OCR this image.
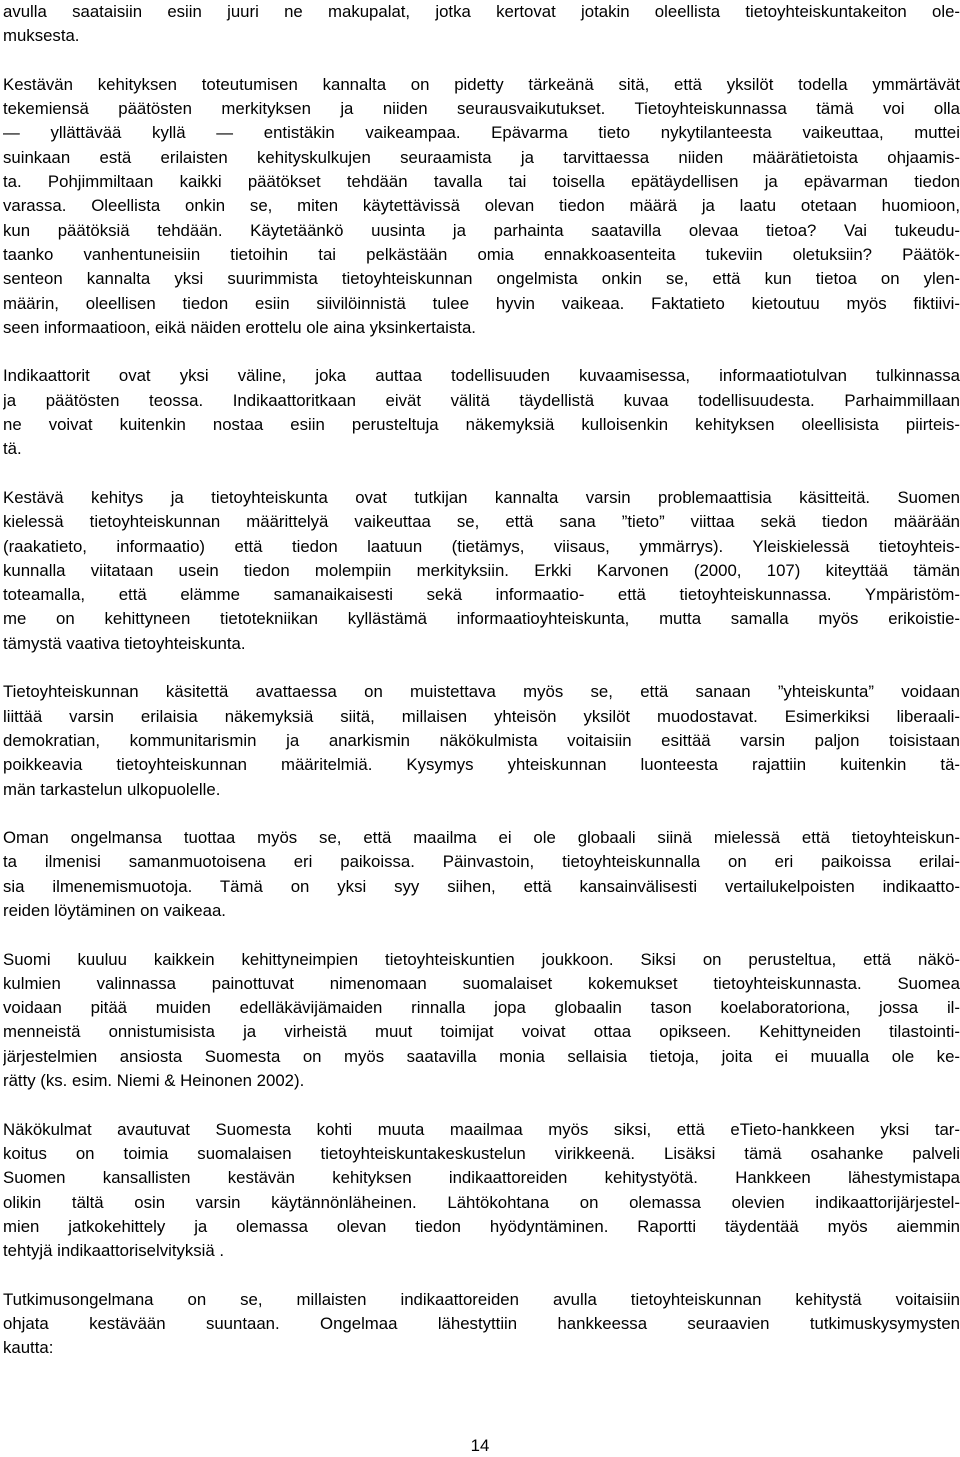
avulla saataisiin esiin juuri ne makupalat, jotka kertovat jotakin oleellista tietoyhteiskuntakeiton ole-
muksesta.
Kestävän kehityksen toteutumisen kannalta on pidetty tärkeänä sitä, että yksilöt todella ymmärtävät
tekemiensä päätösten merkityksen ja niiden seurausvaikutukset. Tietoyhteiskunnassa tämä voi olla
— yllättävää kyllä — entistäkin vaikeampaa. Epävarma tieto nykytilanteesta vaikeuttaa, muttei
suinkaan estä erilaisten kehityskulkujen seuraamista ja tarvittaessa niiden määrätietoista ohjaamis-
ta. Pohjimmiltaan kaikki päätökset tehdään tavalla tai toisella epätäydellisen ja epävarman tiedon
varassa. Oleellista onkin se, miten käytettävissä olevan tiedon määrä ja laatu otetaan huomioon,
kun päätöksiä tehdään. Käytetäänkö uusinta ja parhainta saatavilla olevaa tietoa? Vai tukeudu-
taanko vanhentuneisiin tietoihin tai pelkästään omia ennakkoasenteita tukeviin oletuksiin? Päätök-
senteon kannalta yksi suurimmista tietoyhteiskunnan ongelmista onkin se, että kun tietoa on ylen-
määrin, oleellisen tiedon esiin siivilöinnistä tulee hyvin vaikeaa. Faktatieto kietoutuu myös fiktiivi-
seen informaatioon, eikä näiden erottelu ole aina yksinkertaista.
Indikaattorit ovat yksi väline, joka auttaa todellisuuden kuvaamisessa, informaatiotulvan tulkinnassa
ja päätösten teossa. Indikaattoritkaan eivät välitä täydellistä kuvaa todellisuudesta. Parhaimmillaan
ne voivat kuitenkin nostaa esiin perusteltuja näkemyksiä kulloisenkin kehityksen oleellisista piirteis-
tä.
Kestävä kehitys ja tietoyhteiskunta ovat tutkijan kannalta varsin problemaattisia käsitteitä. Suomen
kielessä tietoyhteiskunnan määrittelyä vaikeuttaa se, että sana ”tieto” viittaa sekä tiedon määrään
(raakatieto, informaatio) että tiedon laatuun (tietämys, viisaus, ymmärrys). Yleiskielessä tietoyhteis-
kunnalla viitataan usein tiedon molempiin merkityksiin. Erkki Karvonen (2000, 107) kiteyttää tämän
toteamalla, että elämme samanaikaisesti sekä informaatio- että tietoyhteiskunnassa. Ympäristöm-
me on kehittyneen tietotekniikan kyllästämä informaatioyhteiskunta, mutta samalla myös erikoistie-
tämystä vaativa tietoyhteiskunta.
Tietoyhteiskunnan käsitettä avattaessa on muistettava myös se, että sanaan ”yhteiskunta” voidaan
liittää varsin erilaisia näkemyksiä siitä, millaisen yhteisön yksilöt muodostavat. Esimerkiksi liberaali-
demokratian, kommunitarismin ja anarkismin näkökulmista voitaisiin esittää varsin paljon toisistaan
poikkeavia tietoyhteiskunnan määritelmiä. Kysymys yhteiskunnan luonteesta rajattiin kuitenkin tä-
män tarkastelun ulkopuolelle.
Oman ongelmansa tuottaa myös se, että maailma ei ole globaali siinä mielessä että tietoyhteiskun-
ta ilmenisi samanmuotoisena eri paikoissa. Päinvastoin, tietoyhteiskunnalla on eri paikoissa erilai-
sia ilmenemismuotoja. Tämä on yksi syy siihen, että kansainvälisesti vertailukelpoisten indikaatto-
reiden löytäminen on vaikeaa.
Suomi kuuluu kaikkein kehittyneimpien tietoyhteiskuntien joukkoon. Siksi on perusteltua, että näkö-
kulmien valinnassa painottuvat nimenomaan suomalaiset kokemukset tietoyhteiskunnasta. Suomea
voidaan pitää muiden edelläkävijämaiden rinnalla jopa globaalin tason koelaboratoriona, jossa il-
menneistä onnistumisista ja virheistä muut toimijat voivat ottaa opikseen. Kehittyneiden tilastointi-
järjestelmien ansiosta Suomesta on myös saatavilla monia sellaisia tietoja, joita ei muualla ole ke-
rätty (ks. esim. Niemi & Heinonen 2002).
Näkökulmat avautuvat Suomesta kohti muuta maailmaa myös siksi, että eTieto-hankkeen yksi tar-
koitus on toimia suomalaisen tietoyhteiskuntakeskustelun virikkeenä. Lisäksi tämä osahanke palveli
Suomen kansallisten kestävän kehityksen indikaattoreiden kehitystyötä. Hankkeen lähestymistapa
olikin tältä osin varsin käytännönläheinen. Lähtökohtana on olemassa olevien indikaattorijärjestel-
mien jatkokehittely ja olemassa olevan tiedon hyödyntäminen. Raportti täydentää myös aiemmin
tehtyjä indikaattoriselvityksiä .
Tutkimusongelmana on se, millaisten indikaattoreiden avulla tietoyhteiskunnan kehitystä voitaisiin
ohjata kestävään suuntaan. Ongelmaa lähestyttiin hankkeessa seuraavien tutkimuskysymysten
kautta:
14
